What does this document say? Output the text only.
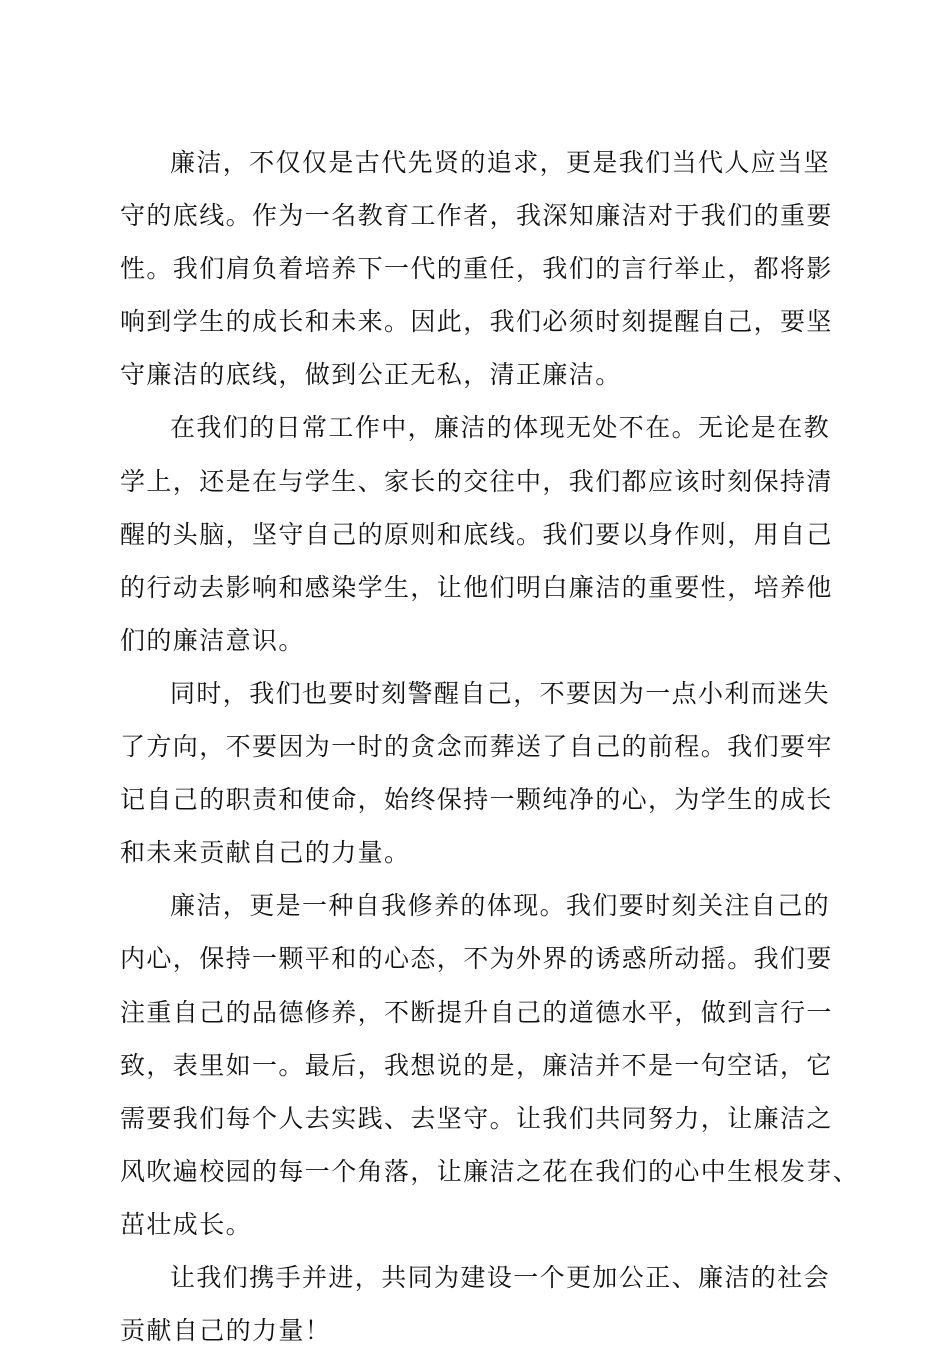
廉洁，不仅仅是古代先贤的追求，更是我们当代人应当坚
守的底线。作为一名教育工作者，我深知廉洁对于我们的重要
性。我们肩负着培养下一代的重任，我们的言行举止，都将影
响到学生的成长和未来。因此，我们必须时刻提醒自己，要坚
守廉洁的底线，做到公正无私，清正廉洁。
在我们的日常工作中，廉洁的体现无处不在。无论是在教
学上，还是在与学生、家长的交往中，我们都应该时刻保持清
醒的头脑，坚守自己的原则和底线。我们要以身作则，用自己
的行动去影响和感染学生，让他们明白廉洁的重要性，培养他
们的廉洁意识。
同时，我们也要时刻警醒自己，不要因为一点小利而迷失
了方向，不要因为一时的贪念而葬送了自己的前程。我们要牢
记自己的职责和使命，始终保持一颗纯净的心，为学生的成长
和未来贡献自己的力量。
廉洁，更是一种自我修养的体现。我们要时刻关注自己的
内心，保持一颗平和的心态，不为外界的诱惑所动摇。我们要
注重自己的品德修养，不断提升自己的道德水平，做到言行一
致，表里如一。最后，我想说的是，廉洁并不是一句空话，它
需要我们每个人去实践、去坚守。让我们共同努力，让廉洁之
风吹遍校园的每一个角落，让廉洁之花在我们的心中生根发芽、
茁壮成长。
让我们携手并进，共同为建设一个更加公正、廉洁的社会
贡献自己的力量！
